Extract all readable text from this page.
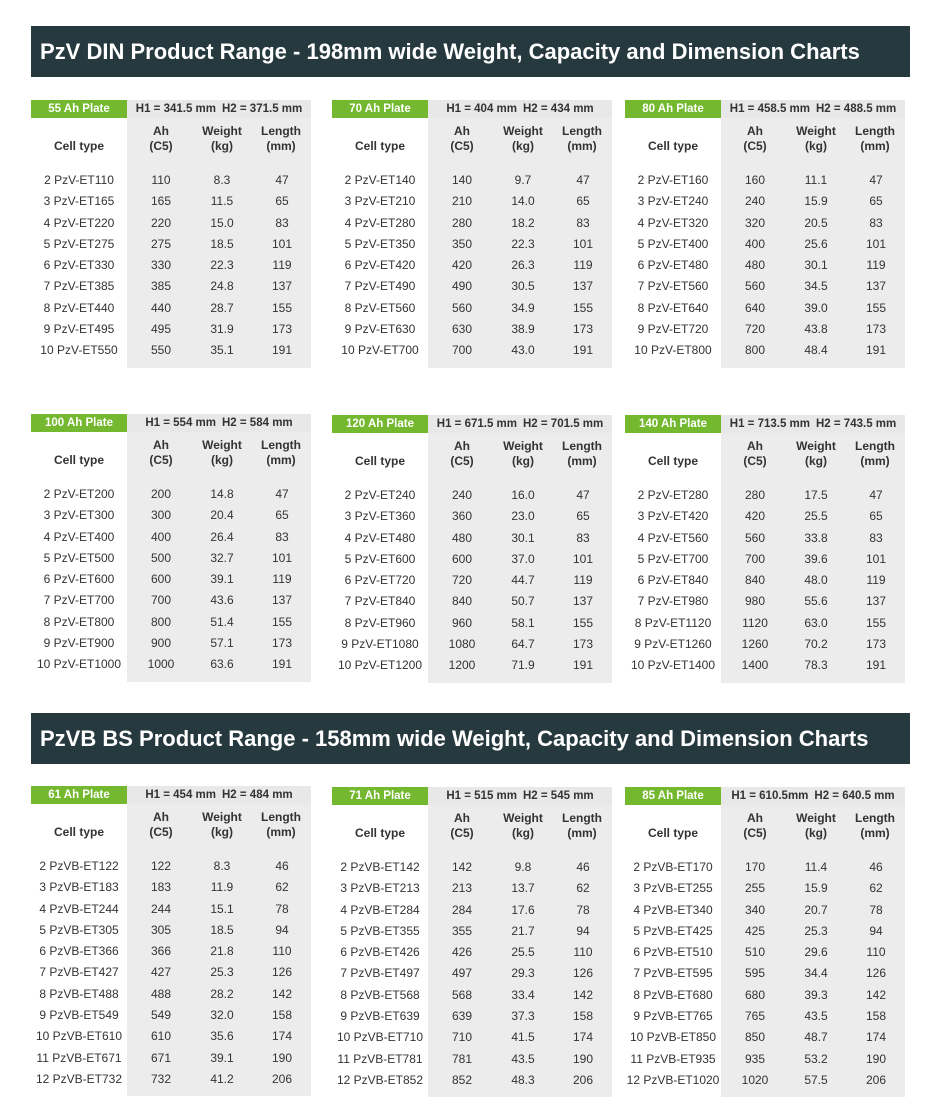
PzV DIN Product Range - 198mm wide Weight, Capacity and Dimension Charts
55 Ah Plate	H1 = 341.5 mm H2 = 371.5 mm
Cell type
Ah
(C5)
Weight
(kg)
Length
(mm)
2 PzV-ET110	110	8.3	47
3 PzV-ET165	165	11.5	65
4 PzV-ET220	220	15.0	83
5 PzV-ET275	275	18.5	101
6 PzV-ET330	330	22.3	119
7 PzV-ET385	385	24.8	137
8 PzV-ET440	440	28.7	155
9 PzV-ET495	495	31.9	173
10 PzV-ET550	550	35.1	191
70 Ah Plate	H1 = 404 mm H2 = 434 mm
Cell type
Ah
(C5)
Weight
(kg)
Length
(mm)
2 PzV-ET140	140	9.7	47
3 PzV-ET210	210	14.0	65
4 PzV-ET280	280	18.2	83
5 PzV-ET350	350	22.3	101
6 PzV-ET420	420	26.3	119
7 PzV-ET490	490	30.5	137
8 PzV-ET560	560	34.9	155
9 PzV-ET630	630	38.9	173
10 PzV-ET700	700	43.0	191
80 Ah Plate	H1 = 458.5 mm H2 = 488.5 mm
Cell type
Ah
(C5)
Weight
(kg)
Length
(mm)
2 PzV-ET160	160	11.1	47
3 PzV-ET240	240	15.9	65
4 PzV-ET320	320	20.5	83
5 PzV-ET400	400	25.6	101
6 PzV-ET480	480	30.1	119
7 PzV-ET560	560	34.5	137
8 PzV-ET640	640	39.0	155
9 PzV-ET720	720	43.8	173
10 PzV-ET800	800	48.4	191
100 Ah Plate	H1 = 554 mm H2 = 584 mm
Cell type
Ah
(C5)
Weight
(kg)
Length
(mm)
2 PzV-ET200	200	14.8	47
3 PzV-ET300	300	20.4	65
4 PzV-ET400	400	26.4	83
5 PzV-ET500	500	32.7	101
6 PzV-ET600	600	39.1	119
7 PzV-ET700	700	43.6	137
8 PzV-ET800	800	51.4	155
9 PzV-ET900	900	57.1	173
10 PzV-ET1000	1000	63.6	191
120 Ah Plate	H1 = 671.5 mm H2 = 701.5 mm
Cell type
Ah
(C5)
Weight
(kg)
Length
(mm)
2 PzV-ET240	240	16.0	47
3 PzV-ET360	360	23.0	65
4 PzV-ET480	480	30.1	83
5 PzV-ET600	600	37.0	101
6 PzV-ET720	720	44.7	119
7 PzV-ET840	840	50.7	137
8 PzV-ET960	960	58.1	155
9 PzV-ET1080	1080	64.7	173
10 PzV-ET1200	1200	71.9	191
140 Ah Plate	H1 = 713.5 mm H2 = 743.5 mm
Cell type
Ah
(C5)
Weight
(kg)
Length
(mm)
2 PzV-ET280	280	17.5	47
3 PzV-ET420	420	25.5	65
4 PzV-ET560	560	33.8	83
5 PzV-ET700	700	39.6	101
6 PzV-ET840	840	48.0	119
7 PzV-ET980	980	55.6	137
8 PzV-ET1120	1120	63.0	155
9 PzV-ET1260	1260	70.2	173
10 PzV-ET1400	1400	78.3	191
PzVB BS Product Range - 158mm wide Weight, Capacity and Dimension Charts
61 Ah Plate	H1 = 454 mm H2 = 484 mm
Cell type
Ah
(C5)
Weight
(kg)
Length
(mm)
2 PzVB-ET122	122	8.3	46
3 PzVB-ET183	183	11.9	62
4 PzVB-ET244	244	15.1	78
5 PzVB-ET305	305	18.5	94
6 PzVB-ET366	366	21.8	110
7 PzVB-ET427	427	25.3	126
8 PzVB-ET488	488	28.2	142
9 PzVB-ET549	549	32.0	158
10 PzVB-ET610	610	35.6	174
11 PzVB-ET671	671	39.1	190
12 PzVB-ET732	732	41.2	206
71 Ah Plate	H1 = 515 mm H2 = 545 mm
Cell type
Ah
(C5)
Weight
(kg)
Length
(mm)
2 PzVB-ET142	142	9.8	46
3 PzVB-ET213	213	13.7	62
4 PzVB-ET284	284	17.6	78
5 PzVB-ET355	355	21.7	94
6 PzVB-ET426	426	25.5	110
7 PzVB-ET497	497	29.3	126
8 PzVB-ET568	568	33.4	142
9 PzVB-ET639	639	37.3	158
10 PzVB-ET710	710	41.5	174
11 PzVB-ET781	781	43.5	190
12 PzVB-ET852	852	48.3	206
85 Ah Plate	H1 = 610.5mm H2 = 640.5 mm
Cell type
Ah
(C5)
Weight
(kg)
Length
(mm)
2 PzVB-ET170	170	11.4	46
3 PzVB-ET255	255	15.9	62
4 PzVB-ET340	340	20.7	78
5 PzVB-ET425	425	25.3	94
6 PzVB-ET510	510	29.6	110
7 PzVB-ET595	595	34.4	126
8 PzVB-ET680	680	39.3	142
9 PzVB-ET765	765	43.5	158
10 PzVB-ET850	850	48.7	174
11 PzVB-ET935	935	53.2	190
12 PzVB-ET1020	1020	57.5	206
